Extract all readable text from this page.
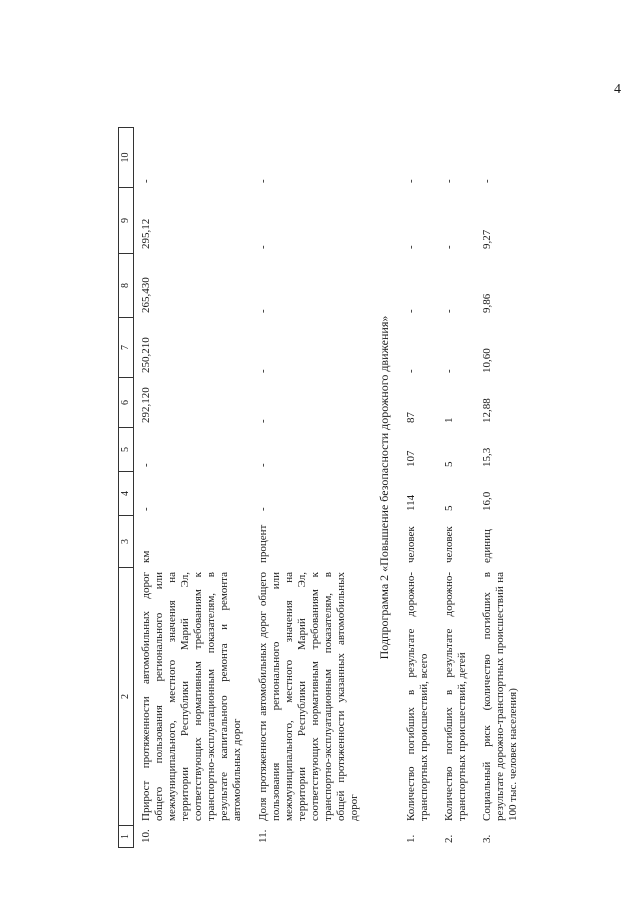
4
1	2	3	4	5	6	7	8	9	10
10.	Прирост протяженности автомобильных дорог общего пользования регионального или межмуниципального, местного значения на территории Республики Марий Эл, соответствующих нормативным требованиям к транспортно-эксплуатационным показателям, в результате капитального ремонта и ремонта автомобильных дорог	км	-	-	292,120	250,210	265,430	295,12	-
11.	Доля протяженности автомобильных дорог общего пользования регионального или межмуниципального, местного значения на территории Республики Марий Эл, соответствующих нормативным требованиям к транспортно-эксплуатационным показателям, в общей протяженности указанных автомобильных дорог	процент	-	-	-	-	-	-	-
Подпрограмма 2 «Повышение безопасности дорожного движения»									
1.	Количество погибших в результате дорожно-транспортных происшествий, всего	человек	114	107	87	-	-	-	-
2.	Количество погибших в результате дорожно-транспортных происшествий, детей	человек	5	5	1	-	-	-	-
3.	Социальный риск (количество погибших в результате дорожно-транспортных происшествий на 100 тыс. человек населения)	единиц	16,0	15,3	12,88	10,60	9,86	9,27	-
